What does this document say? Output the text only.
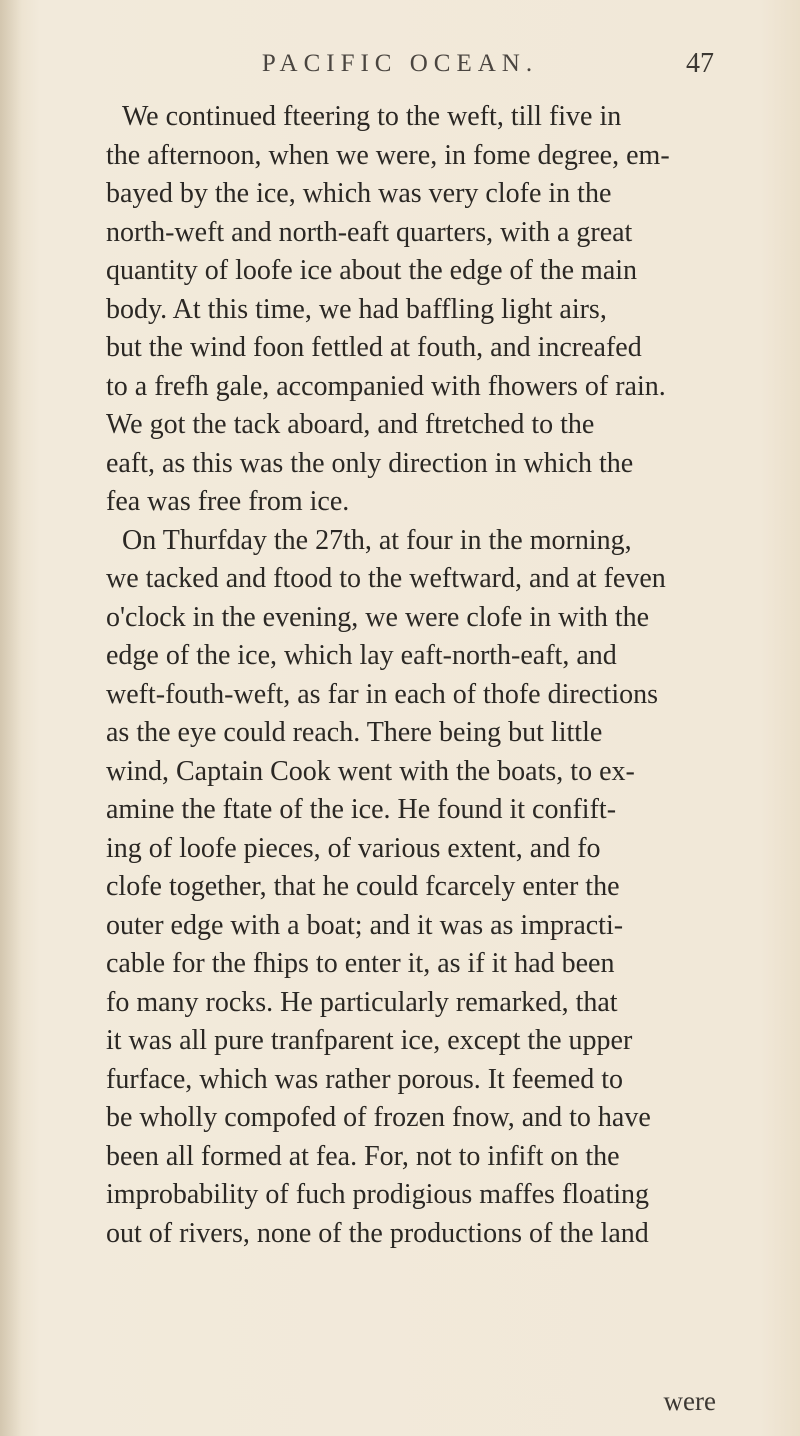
PACIFIC OCEAN.	47
We continued fteering to the weft, till five in
the afternoon, when we were, in fome degree, em-
bayed by the ice, which was very clofe in the
north-weft and north-eaft quarters, with a great
quantity of loofe ice about the edge of the main
body. At this time, we had baffling light airs,
but the wind foon fettled at fouth, and increafed
to a frefh gale, accompanied with fhowers of rain.
We got the tack aboard, and ftretched to the
eaft, as this was the only direction in which the
fea was free from ice.
On Thurfday the 27th, at four in the morning,
we tacked and ftood to the weftward, and at feven
o'clock in the evening, we were clofe in with the
edge of the ice, which lay eaft-north-eaft, and
weft-fouth-weft, as far in each of thofe directions
as the eye could reach. There being but little
wind, Captain Cook went with the boats, to ex-
amine the ftate of the ice. He found it confift-
ing of loofe pieces, of various extent, and fo
clofe together, that he could fcarcely enter the
outer edge with a boat; and it was as impracti-
cable for the fhips to enter it, as if it had been
fo many rocks. He particularly remarked, that
it was all pure tranfparent ice, except the upper
furface, which was rather porous. It feemed to
be wholly compofed of frozen fnow, and to have
been all formed at fea. For, not to infift on the
improbability of fuch prodigious maffes floating
out of rivers, none of the productions of the land
were
